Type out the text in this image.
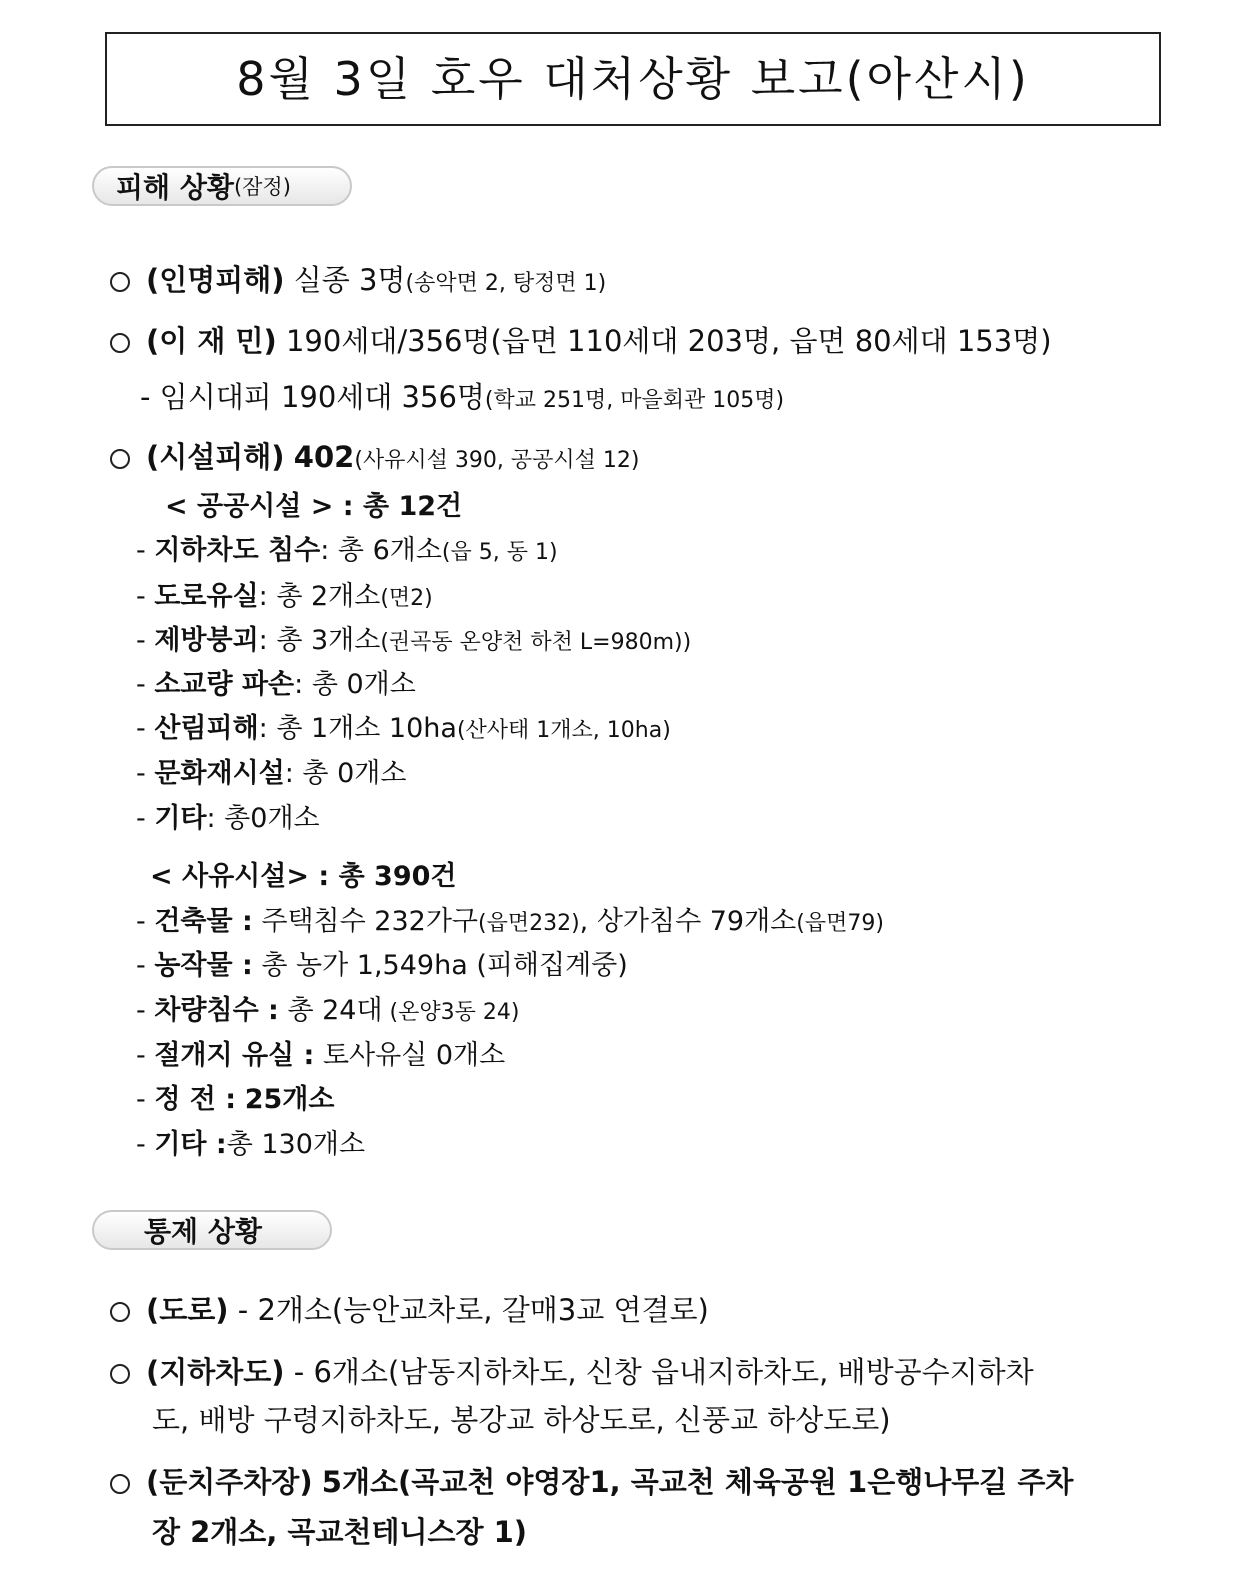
8월 3일 호우 대처상황 보고(아산시)
피해 상황 (잠정)
(인명피해) 실종 3명(송악면 2, 탕정면 1)
(이 재 민) 190세대/356명(읍면 110세대 203명, 읍면 80세대 153명)
- 임시대피 190세대 356명(학교 251명, 마을회관 105명)
(시설피해) 402(사유시설 390, 공공시설 12)
< 공공시설 > : 총 12건
- 지하차도 침수: 총 6개소(읍 5, 동 1)
- 도로유실: 총 2개소(면2)
- 제방붕괴: 총 3개소(권곡동 온양천 하천 L=980m))
- 소교량 파손: 총 0개소
- 산림피해: 총 1개소 10ha(산사태 1개소, 10ha)
- 문화재시설: 총 0개소
- 기타: 총0개소
< 사유시설> : 총 390건
- 건축물 : 주택침수 232가구(읍면232), 상가침수 79개소(읍면79)
- 농작물 : 총 농가 1,549ha (피해집계중)
- 차량침수 : 총 24대 (온양3동 24)
- 절개지 유실 : 토사유실 0개소
- 정 전 : 25개소
- 기타 :총 130개소
통제 상황
(도로) - 2개소(능안교차로, 갈매3교 연결로)
(지하차도) - 6개소(남동지하차도, 신창 읍내지하차도, 배방공수지하차
도, 배방 구령지하차도, 봉강교 하상도로, 신풍교 하상도로)
(둔치주차장) 5개소(곡교천 야영장1, 곡교천 체육공원 1은행나무길 주차
장 2개소, 곡교천테니스장 1)
